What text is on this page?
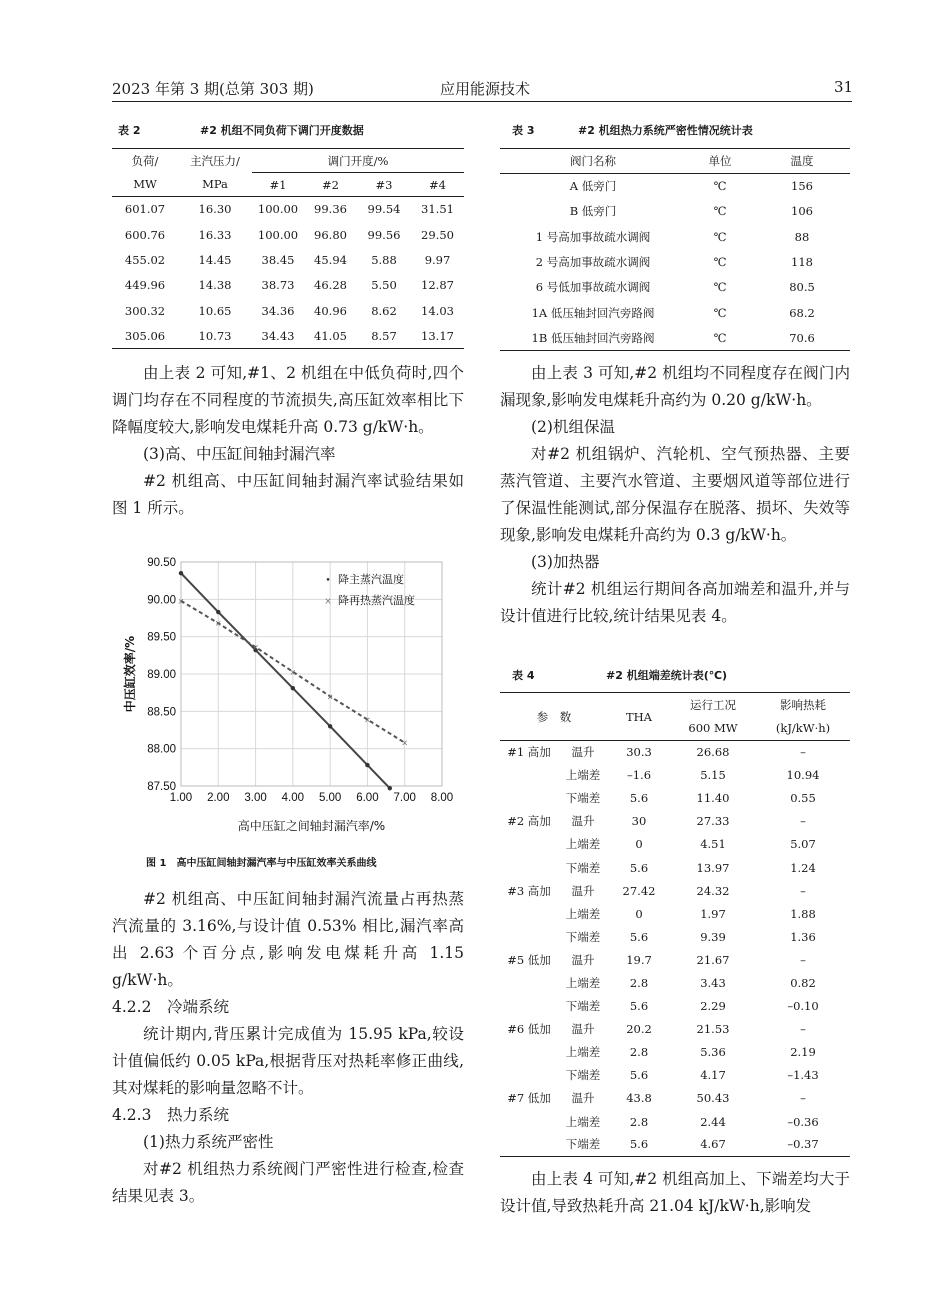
2023 年第 3 期(总第 303 期)	应用能源技术	31
表 2	#2 机组不同负荷下调门开度数据
负荷/	主汽压力/	调门开度/%			
MW	MPa	#1	#2	#3	#4
601.07	16.30	100.00	99.36	99.54	31.51
600.76	16.33	100.00	96.80	99.56	29.50
455.02	14.45	38.45	45.94	5.88	9.97
449.96	14.38	38.73	46.28	5.50	12.87
300.32	10.65	34.36	40.96	8.62	14.03
305.06	10.73	34.43	41.05	8.57	13.17

由上表 2 可知,#1、2 机组在中低负荷时,四个调门均存在不同程度的节流损失,高压缸效率相比下降幅度较大,影响发电煤耗升高 0.73 g/kW·h。

(3)高、中压缸间轴封漏汽率

#2 机组高、中压缸间轴封漏汽率试验结果如图 1 所示。

87.50
88.00
88.50
89.00
89.50
90.00
90.50
1.00 2.00 3.00 4.00 5.00 6.00 7.00 8.00
×
×
×
×
×
×
×
• 降主蒸汽温度
× 降再热蒸汽温度
高中压缸之间轴封漏汽率/%
中压缸效率/%
图 1　高中压缸间轴封漏汽率与中压缸效率关系曲线

#2 机组高、中压缸间轴封漏汽流量占再热蒸汽流量的 3.16%,与设计值 0.53% 相比,漏汽率高出 2.63 个百分点,影响发电煤耗升高 1.15 g/kW·h。

4.2.2　冷端系统

统计期内,背压累计完成值为 15.95 kPa,较设计值偏低约 0.05 kPa,根据背压对热耗率修正曲线,其对煤耗的影响量忽略不计。

4.2.3　热力系统

(1)热力系统严密性

对#2 机组热力系统阀门严密性进行检查,检查结果见表 3。

表 3	#2 机组热力系统严密性情况统计表
阀门名称	单位	温度
A 低旁门	℃	156
B 低旁门	℃	106
1 号高加事故疏水调阀	℃	88
2 号高加事故疏水调阀	℃	118
6 号低加事故疏水调阀	℃	80.5
1A 低压轴封回汽旁路阀	℃	68.2
1B 低压轴封回汽旁路阀	℃	70.6

由上表 3 可知,#2 机组均不同程度存在阀门内漏现象,影响发电煤耗升高约为 0.20 g/kW·h。

(2)机组保温

对#2 机组锅炉、汽轮机、空气预热器、主要蒸汽管道、主要汽水管道、主要烟风道等部位进行了保温性能测试,部分保温存在脱落、损坏、失效等现象,影响发电煤耗升高约为 0.3 g/kW·h。

(3)加热器

统计#2 机组运行期间各高加端差和温升,并与设计值进行比较,统计结果见表 4。

表 4	#2 机组端差统计表(℃)
参　数		THA	运行工况	影响热耗
			600 MW	(kJ/kW·h)
#1 高加	温升	30.3	26.68	–
	上端差	–1.6	5.15	10.94
	下端差	5.6	11.40	0.55
#2 高加	温升	30	27.33	–
	上端差	0	4.51	5.07
	下端差	5.6	13.97	1.24
#3 高加	温升	27.42	24.32	–
	上端差	0	1.97	1.88
	下端差	5.6	9.39	1.36
#5 低加	温升	19.7	21.67	–
	上端差	2.8	3.43	0.82
	下端差	5.6	2.29	–0.10
#6 低加	温升	20.2	21.53	–
	上端差	2.8	5.36	2.19
	下端差	5.6	4.17	–1.43
#7 低加	温升	43.8	50.43	–
	上端差	2.8	2.44	–0.36
	下端差	5.6	4.67	–0.37

由上表 4 可知,#2 机组高加上、下端差均大于设计值,导致热耗升高 21.04 kJ/kW·h,影响发
